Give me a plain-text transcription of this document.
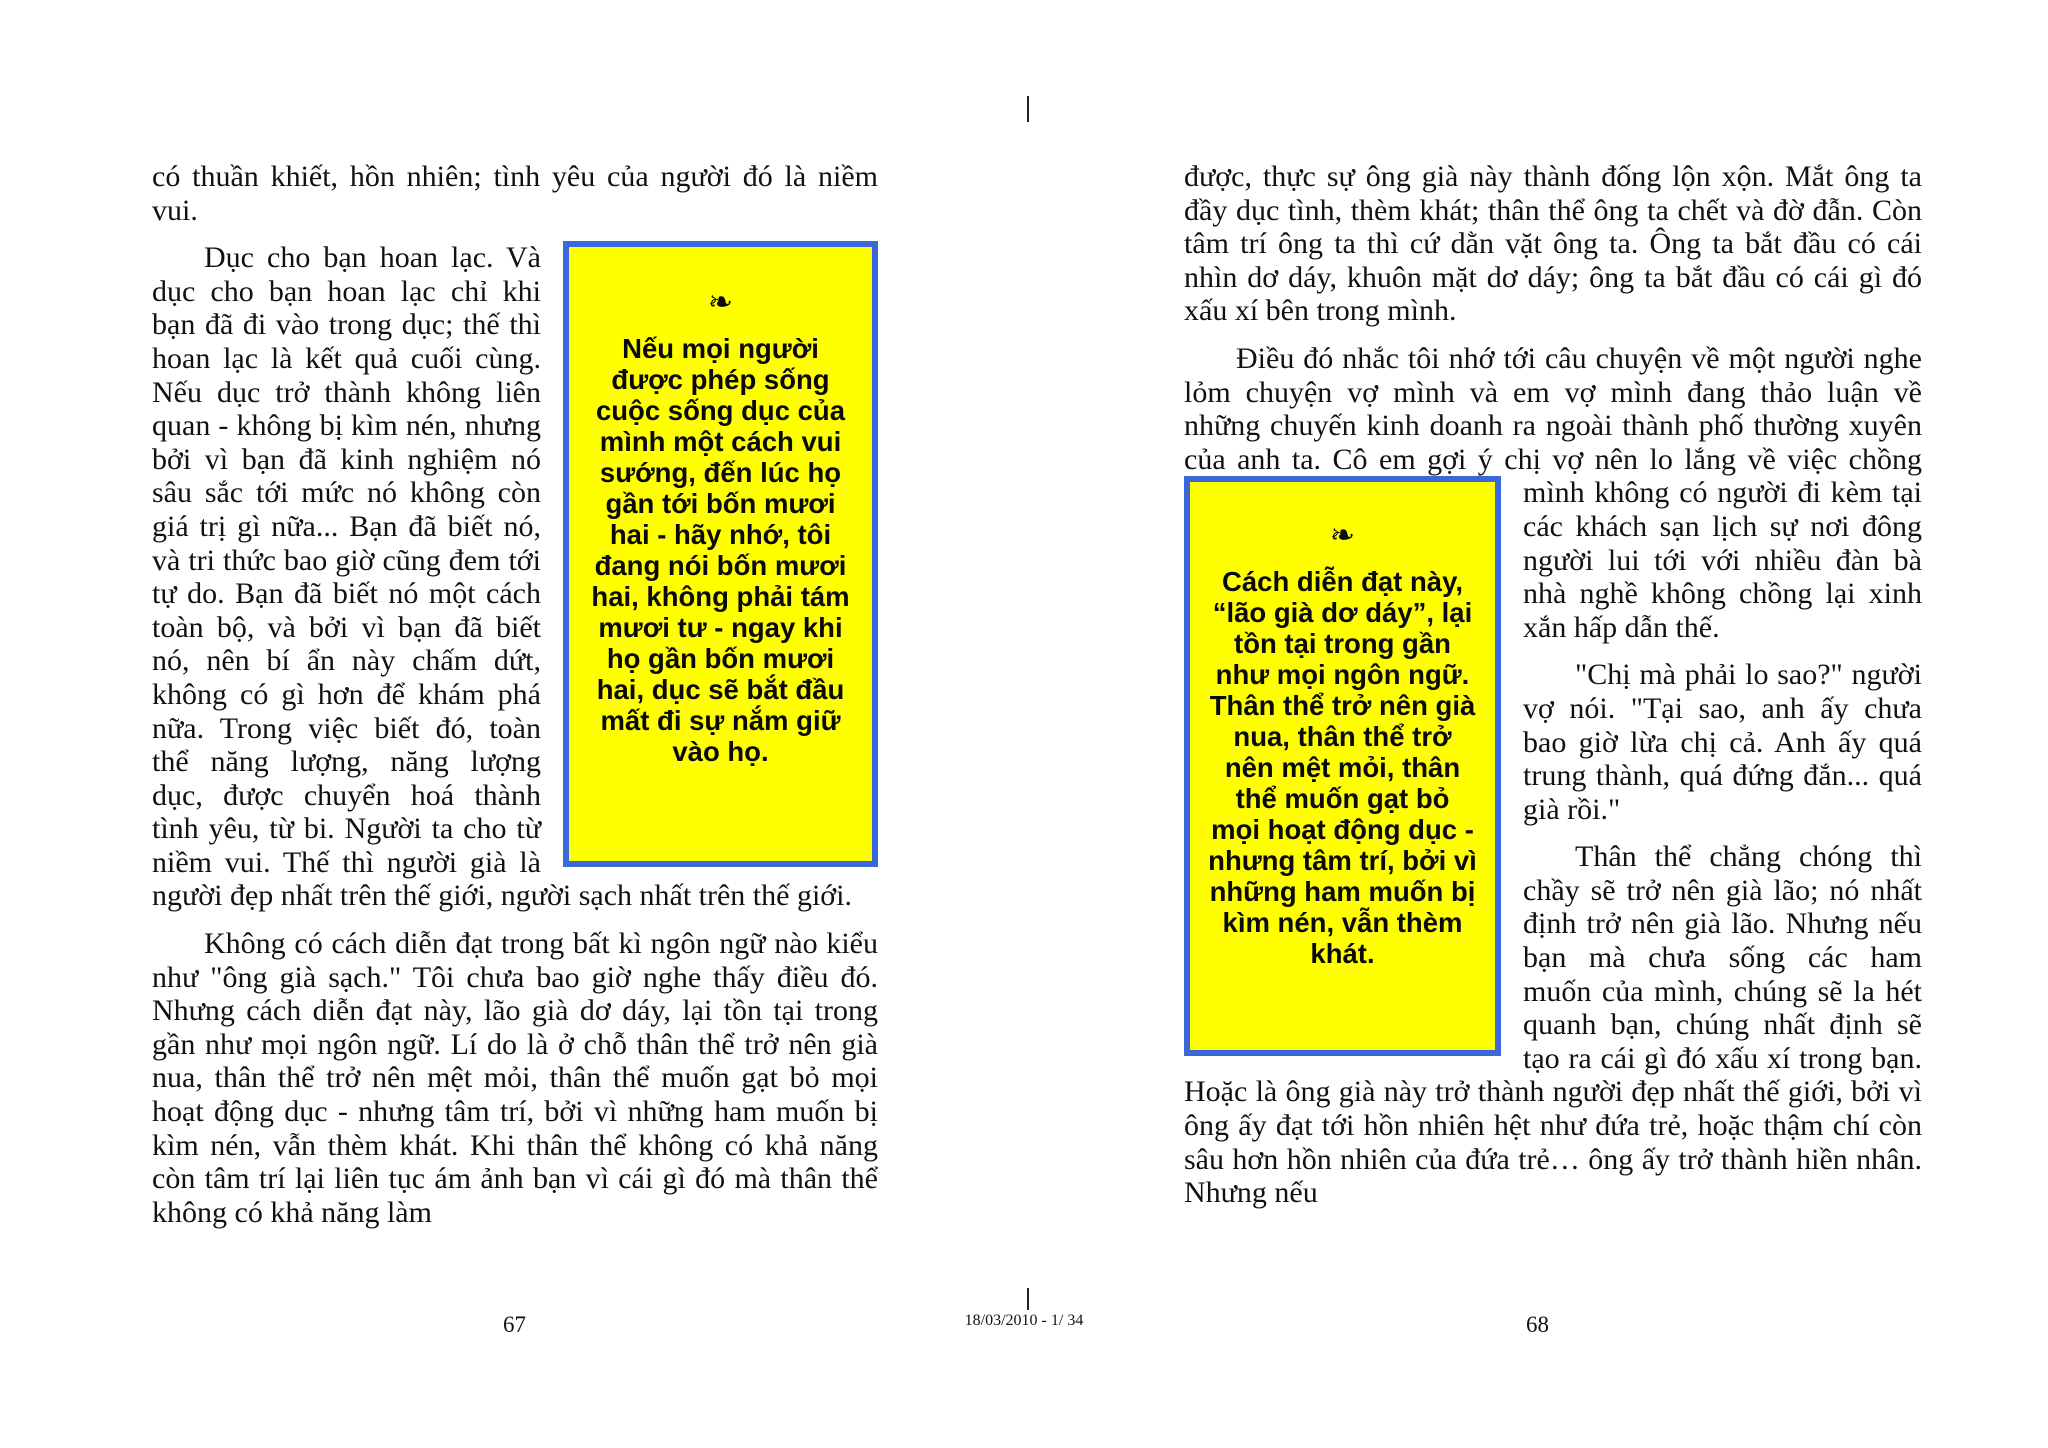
có thuần khiết, hồn nhiên; tình yêu của người đó là niềm vui.

❧
Nếu mọi người được phép sống cuộc sống dục của mình một cách vui sướng, đến lúc họ gần tới bốn mươi hai - hãy nhớ, tôi đang nói bốn mươi hai, không phải tám mươi tư - ngay khi họ gần bốn mươi hai, dục sẽ bắt đầu mất đi sự nắm giữ vào họ.

Dục cho bạn hoan lạc. Và dục cho bạn hoan lạc chỉ khi bạn đã đi vào trong dục; thế thì hoan lạc là kết quả cuối cùng. Nếu dục trở thành không liên quan - không bị kìm nén, nhưng bởi vì bạn đã kinh nghiệm nó sâu sắc tới mức nó không còn giá trị gì nữa... Bạn đã biết nó, và tri thức bao giờ cũng đem tới tự do. Bạn đã biết nó một cách toàn bộ, và bởi vì bạn đã biết nó, nên bí ẩn này chấm dứt, không có gì hơn để khám phá nữa. Trong việc biết đó, toàn thể năng lượng, năng lượng dục, được chuyển hoá thành tình yêu, từ bi. Người ta cho từ niềm vui. Thế thì người già là người đẹp nhất trên thế giới, người sạch nhất trên thế giới.

Không có cách diễn đạt trong bất kì ngôn ngữ nào kiểu như "ông già sạch." Tôi chưa bao giờ nghe thấy điều đó. Nhưng cách diễn đạt này, lão già dơ dáy, lại tồn tại trong gần như mọi ngôn ngữ. Lí do là ở chỗ thân thể trở nên già nua, thân thể trở nên mệt mỏi, thân thể muốn gạt bỏ mọi hoạt động dục - nhưng tâm trí, bởi vì những ham muốn bị kìm nén, vẫn thèm khát. Khi thân thể không có khả năng còn tâm trí lại liên tục ám ảnh bạn vì cái gì đó mà thân thể không có khả năng làm

67	18/03/2010 - 1/ 34

được, thực sự ông già này thành đống lộn xộn. Mắt ông ta đầy dục tình, thèm khát; thân thể ông ta chết và đờ đẫn. Còn tâm trí ông ta thì cứ dằn vặt ông ta. Ông ta bắt đầu có cái nhìn dơ dáy, khuôn mặt dơ dáy; ông ta bắt đầu có cái gì đó xấu xí bên trong mình.

Điều đó nhắc tôi nhớ tới câu chuyện về một người nghe lỏm chuyện vợ mình và em vợ mình đang thảo luận về những chuyến kinh doanh ra ngoài thành phố thường xuyên của anh ta. Cô em gợi ý chị vợ nên lo
❧
Cách diễn đạt này, “lão già dơ dáy”, lại tồn tại trong gần như mọi ngôn ngữ. Thân thể trở nên già nua, thân thể trở nên mệt mỏi, thân thể muốn gạt bỏ mọi hoạt động dục - nhưng tâm trí, bởi vì những ham muốn bị kìm nén, vẫn thèm khát.
lắng về việc chồng mình không có người đi kèm tại các khách sạn lịch sự nơi đông người lui tới với nhiều đàn bà nhà nghề không chồng lại xinh xắn hấp dẫn thế.

"Chị mà phải lo sao?" người vợ nói. "Tại sao, anh ấy chưa bao giờ lừa chị cả. Anh ấy quá trung thành, quá đứng đắn... quá già rồi."

Thân thể chẳng chóng thì chầy sẽ trở nên già lão; nó nhất định trở nên già lão. Nhưng nếu bạn mà chưa sống các ham muốn của mình, chúng sẽ la hét quanh bạn, chúng nhất định sẽ tạo ra cái gì đó xấu xí trong bạn. Hoặc là ông già này trở thành người đẹp nhất thế giới, bởi vì ông ấy đạt tới hồn nhiên hệt như đứa trẻ, hoặc thậm chí còn sâu hơn hồn nhiên của đứa trẻ… ông ấy trở thành hiền nhân. Nhưng nếu

68
